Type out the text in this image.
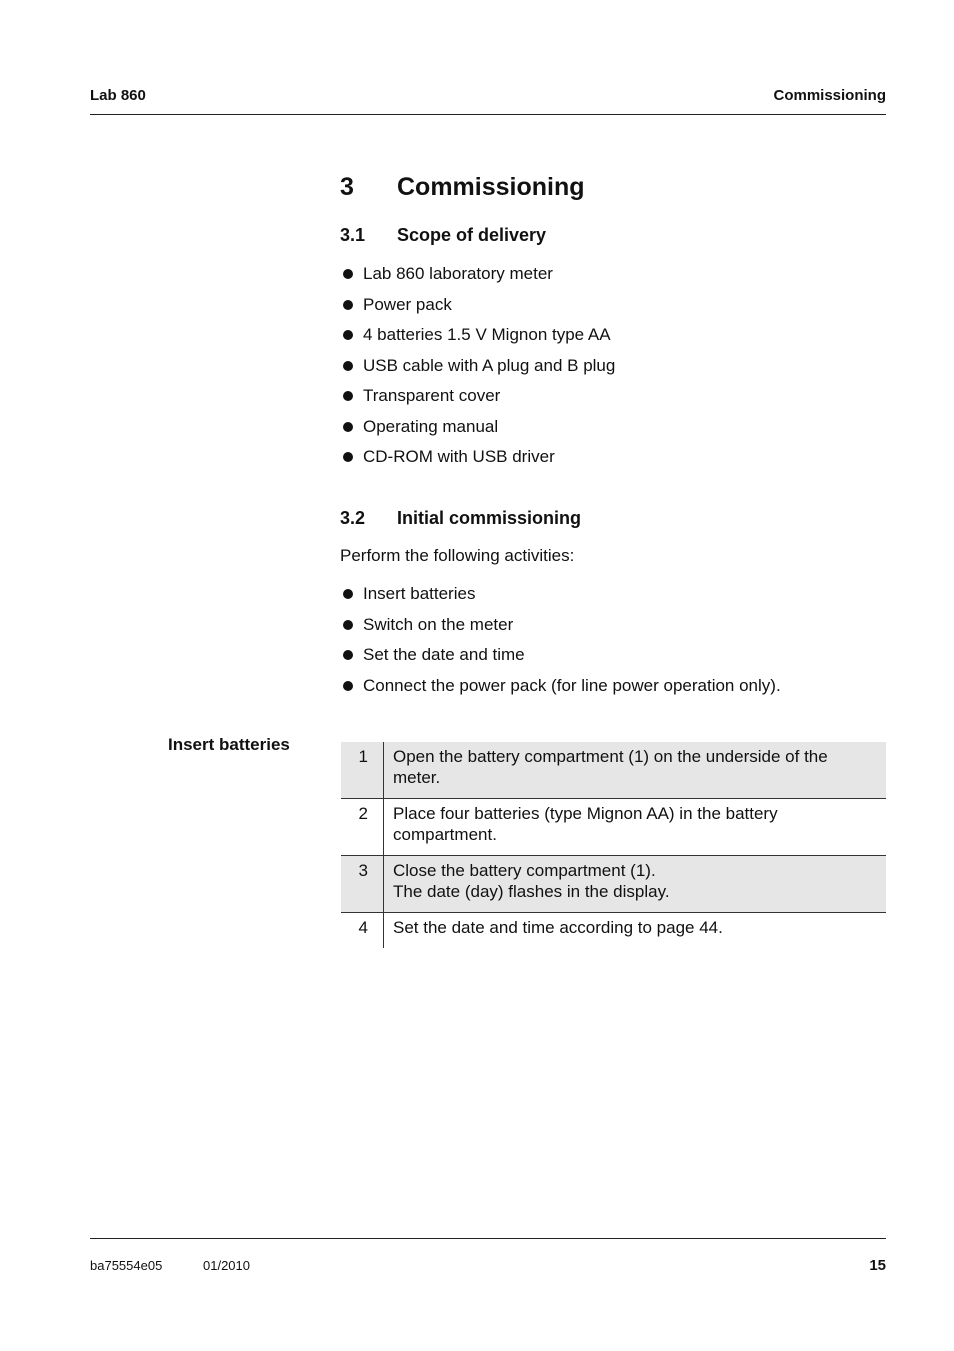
Lab 860	Commissioning
3 Commissioning
3.1 Scope of delivery
Lab 860 laboratory meter
Power pack
4 batteries 1.5 V Mignon type AA
USB cable with A plug and B plug
Transparent cover
Operating manual
CD-ROM with USB driver
3.2 Initial commissioning
Perform the following activities:
Insert batteries
Switch on the meter
Set the date and time
Connect the power pack (for line power operation only).
Insert batteries
1	Open the battery compartment (1) on the underside of the meter.
2	Place four batteries (type Mignon AA) in the battery compartment.
3	Close the battery compartment (1).
The date (day) flashes in the display.
4	Set the date and time according to page 44.
ba75554e05	01/2010	15
